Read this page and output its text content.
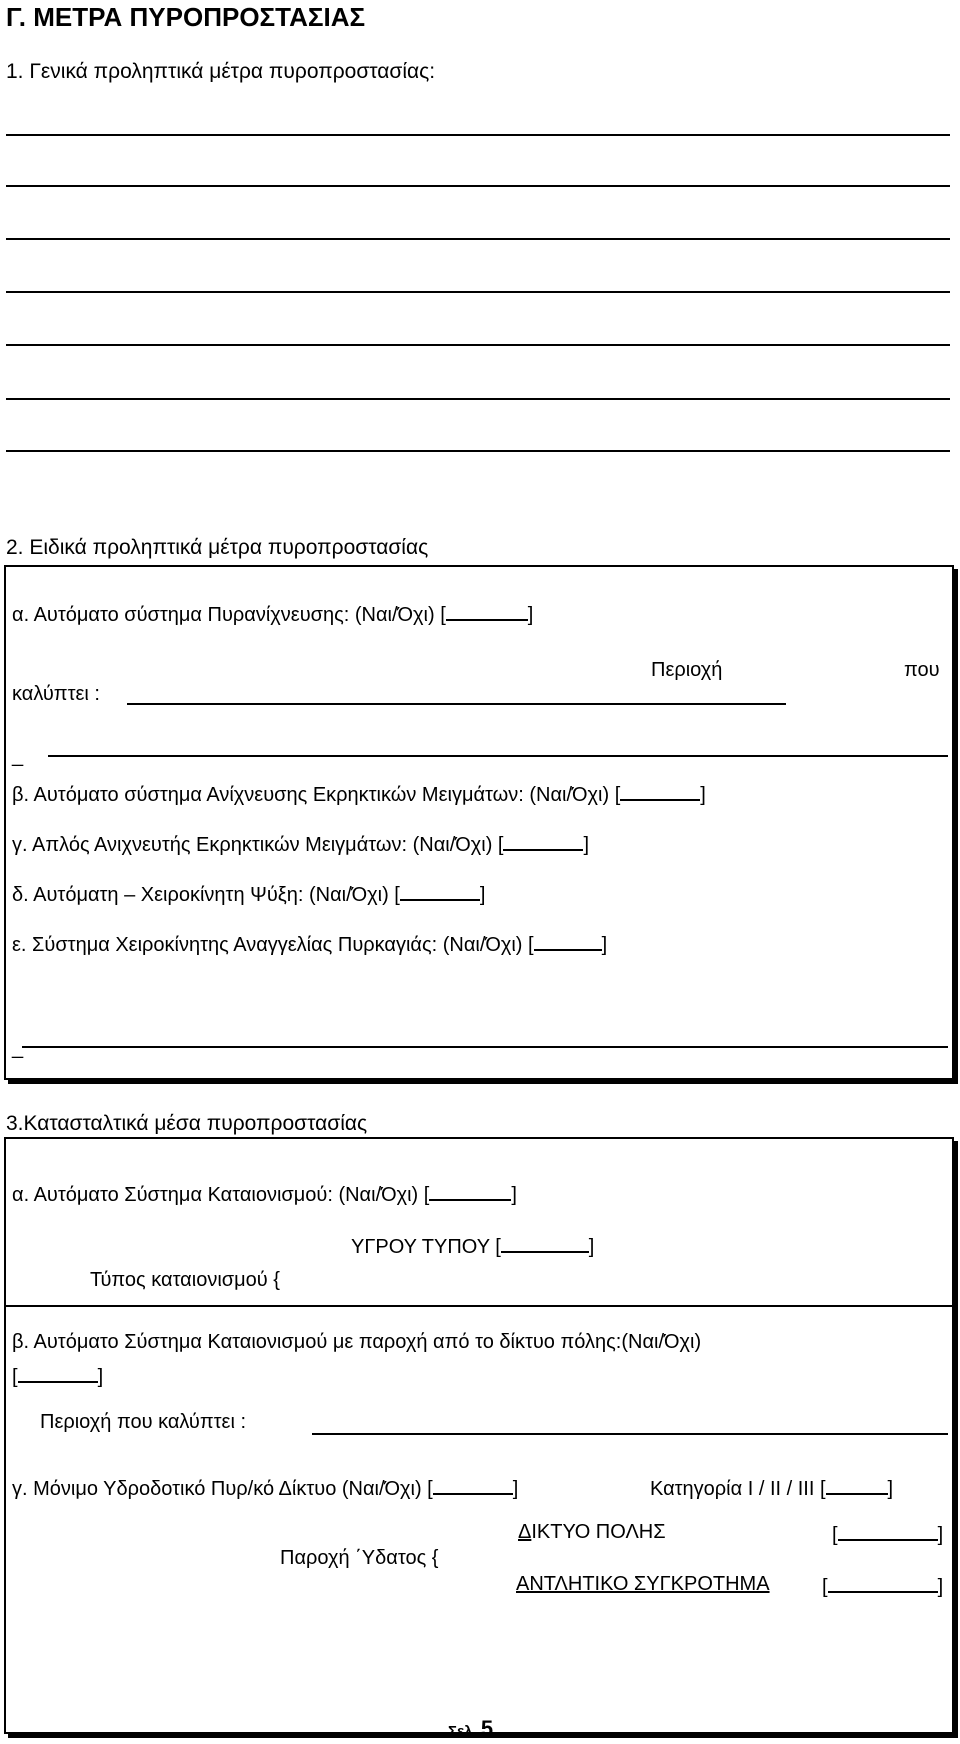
Γ. ΜΕΤΡΑ ΠΥΡΟΠΡΟΣΤΑΣΙΑΣ
1. Γενικά προληπτικά μέτρα πυροπροστασίας:
2. Ειδικά προληπτικά μέτρα πυροπροστασίας
α. Αυτόματο σύστημα Πυρανίχνευσης: (Ναι/Όχι) [	]
Περιοχή	που
καλύπτει :
_
β. Αυτόματο σύστημα Ανίχνευσης Εκρηκτικών Μειγμάτων: (Ναι/Όχι) [	]
γ. Απλός Ανιχνευτής Εκρηκτικών Μειγμάτων: (Ναι/Όχι) [	]
δ. Αυτόματη – Χειροκίνητη Ψύξη: (Ναι/Όχι) [	]
ε. Σύστημα Χειροκίνητης Αναγγελίας Πυρκαγιάς: (Ναι/Όχι) [	]
_
3.Κατασταλτικά μέσα πυροπροστασίας
α. Αυτόματο Σύστημα Καταιονισμού: (Ναι/Όχι) [	]
ΥΓΡΟΥ ΤΥΠΟΥ [	]
Τύπος καταιονισμού {
β. Αυτόματο Σύστημα Καταιονισμού με παροχή από το δίκτυο πόλης:(Ναι/Όχι)
[	]
Περιοχή που καλύπτει :
γ. Μόνιμο Υδροδοτικό Πυρ/κό Δίκτυο (Ναι/Όχι) [	]	Κατηγορία I / II / III [	]
ΔΙΚΤΥΟ ΠΟΛΗΣ	[	]
Παροχή ΄Υδατος {
ΑΝΤΛΗΤΙΚΟ ΣΥΓΚΡΟΤΗΜΑ	[	]
Σελ. 5
